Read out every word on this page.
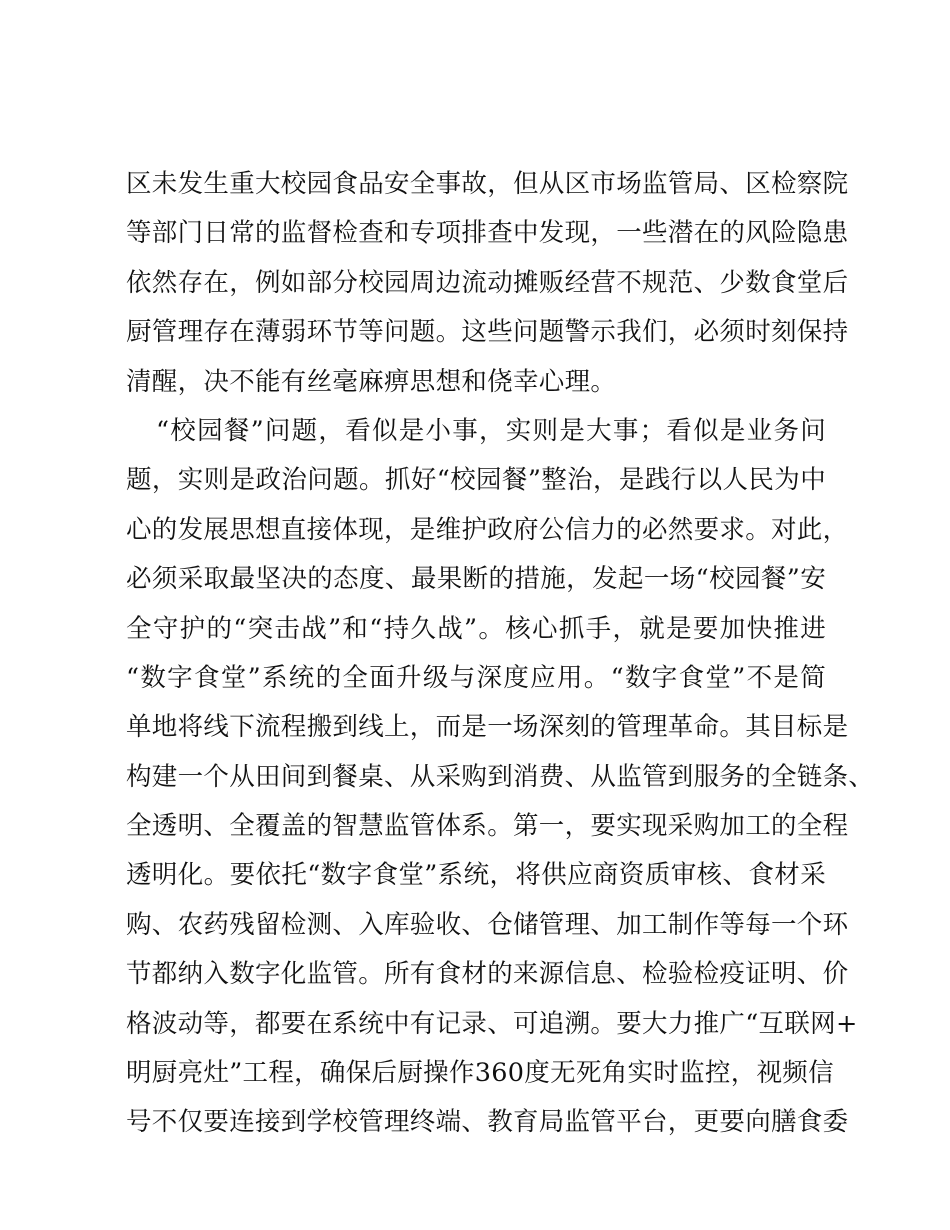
区未发生重大校园食品安全事故，但从区市场监管局、区检察院
等部门日常的监督检查和专项排查中发现，一些潜在的风险隐患
依然存在，例如部分校园周边流动摊贩经营不规范、少数食堂后
厨管理存在薄弱环节等问题。这些问题警示我们，必须时刻保持
清醒，决不能有丝毫麻痹思想和侥幸心理。
“校园餐”问题，看似是小事，实则是大事；看似是业务问
题，实则是政治问题。抓好“校园餐”整治，是践行以人民为中
心的发展思想直接体现，是维护政府公信力的必然要求。对此，
必须采取最坚决的态度、最果断的措施，发起一场“校园餐”安
全守护的“突击战”和“持久战”。核心抓手，就是要加快推进
“数字食堂”系统的全面升级与深度应用。“数字食堂”不是简
单地将线下流程搬到线上，而是一场深刻的管理革命。其目标是
构建一个从田间到餐桌、从采购到消费、从监管到服务的全链条、
全透明、全覆盖的智慧监管体系。第一，要实现采购加工的全程
透明化。要依托“数字食堂”系统，将供应商资质审核、食材采
购、农药残留检测、入库验收、仓储管理、加工制作等每一个环
节都纳入数字化监管。所有食材的来源信息、检验检疫证明、价
格波动等，都要在系统中有记录、可追溯。要大力推广“互联网+
明厨亮灶”工程，确保后厨操作360度无死角实时监控，视频信
号不仅要连接到学校管理终端、教育局监管平台，更要向膳食委
